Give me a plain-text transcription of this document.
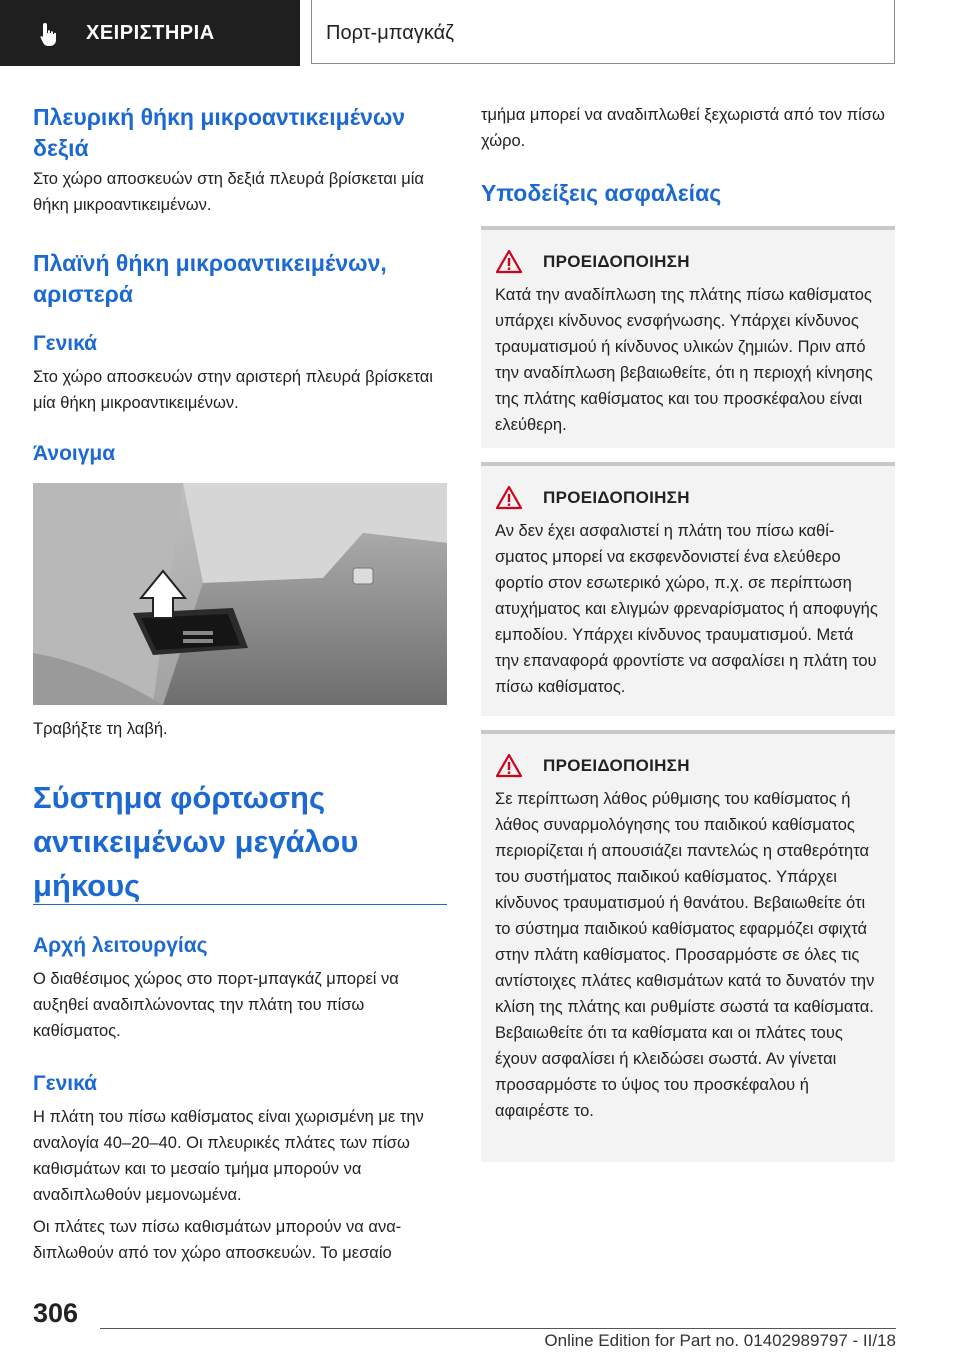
ΧΕΙΡΙΣΤΗΡΙΑ	Πορτ-μπαγκάζ
Πλευρική θήκη μικροαντικειμένων δεξιά

Στο χώρο αποσκευών στη δεξιά πλευρά βρίσκεται μία θήκη μικροαντικειμένων.

Πλαϊνή θήκη μικροαντικειμένων, αριστερά
Γενικά

Στο χώρο αποσκευών στην αριστερή πλευρά βρίσκεται μία θήκη μικροαντικειμένων.

Άνοιγμα

Τραβήξτε τη λαβή.

Σύστημα φόρτωσης αντικειμένων μεγάλου μήκους
Αρχή λειτουργίας

Ο διαθέσιμος χώρος στο πορτ-μπαγκάζ μπορεί να αυξηθεί αναδιπλώνοντας την πλάτη του πίσω καθίσματος.

Γενικά

Η πλάτη του πίσω καθίσματος είναι χωρισμένη με την αναλογία 40–20–40. Οι πλευρικές πλάτες των πίσω καθισμάτων και το μεσαίο τμήμα μπορούν να αναδιπλωθούν μεμονωμένα.

Οι πλάτες των πίσω καθισμάτων μπορούν να αναδιπλωθούν από τον χώρο αποσκευών. Το μεσαίο

τμήμα μπορεί να αναδιπλωθεί ξεχωριστά από τον πίσω χώρο.

Υποδείξεις ασφαλείας
ΠΡΟΕΙΔΟΠΟΙΗΣΗ

Κατά την αναδίπλωση της πλάτης πίσω καθίσματος υπάρχει κίνδυνος ενσφήνωσης. Υπάρχει κίνδυνος τραυματισμού ή κίνδυνος υλικών ζημιών. Πριν από την αναδίπλωση βεβαιωθείτε, ότι η περιοχή κίνησης της πλάτης καθίσματος και του προσκέφαλου είναι ελεύθερη.

ΠΡΟΕΙΔΟΠΟΙΗΣΗ

Αν δεν έχει ασφαλιστεί η πλάτη του πίσω καθίσματος μπορεί να εκσφενδονιστεί ένα ελεύθερο φορτίο στον εσωτερικό χώρο, π.χ. σε περίπτωση ατυχήματος και ελιγμών φρεναρίσματος ή αποφυγής εμποδίου. Υπάρχει κίνδυνος τραυματισμού. Μετά την επαναφορά φροντίστε να ασφαλίσει η πλάτη του πίσω καθίσματος.

ΠΡΟΕΙΔΟΠΟΙΗΣΗ

Σε περίπτωση λάθος ρύθμισης του καθίσματος ή λάθος συναρμολόγησης του παιδικού καθίσματος περιορίζεται ή απουσιάζει παντελώς η σταθερότητα του συστήματος παιδικού καθίσματος. Υπάρχει κίνδυνος τραυματισμού ή θανάτου. Βεβαιωθείτε ότι το σύστημα παιδικού καθίσματος εφαρμόζει σφιχτά στην πλάτη καθίσματος. Προσαρμόστε σε όλες τις αντίστοιχες πλάτες καθισμάτων κατά το δυνατόν την κλίση της πλάτης και ρυθμίστε σωστά τα καθίσματα. Βεβαιωθείτε ότι τα καθίσματα και οι πλάτες τους έχουν ασφαλίσει ή κλειδώσει σωστά. Αν γίνεται προσαρμόστε το ύψος του προσκέφαλου ή αφαιρέστε το.

306
Online Edition for Part no. 01402989797 - II/18
